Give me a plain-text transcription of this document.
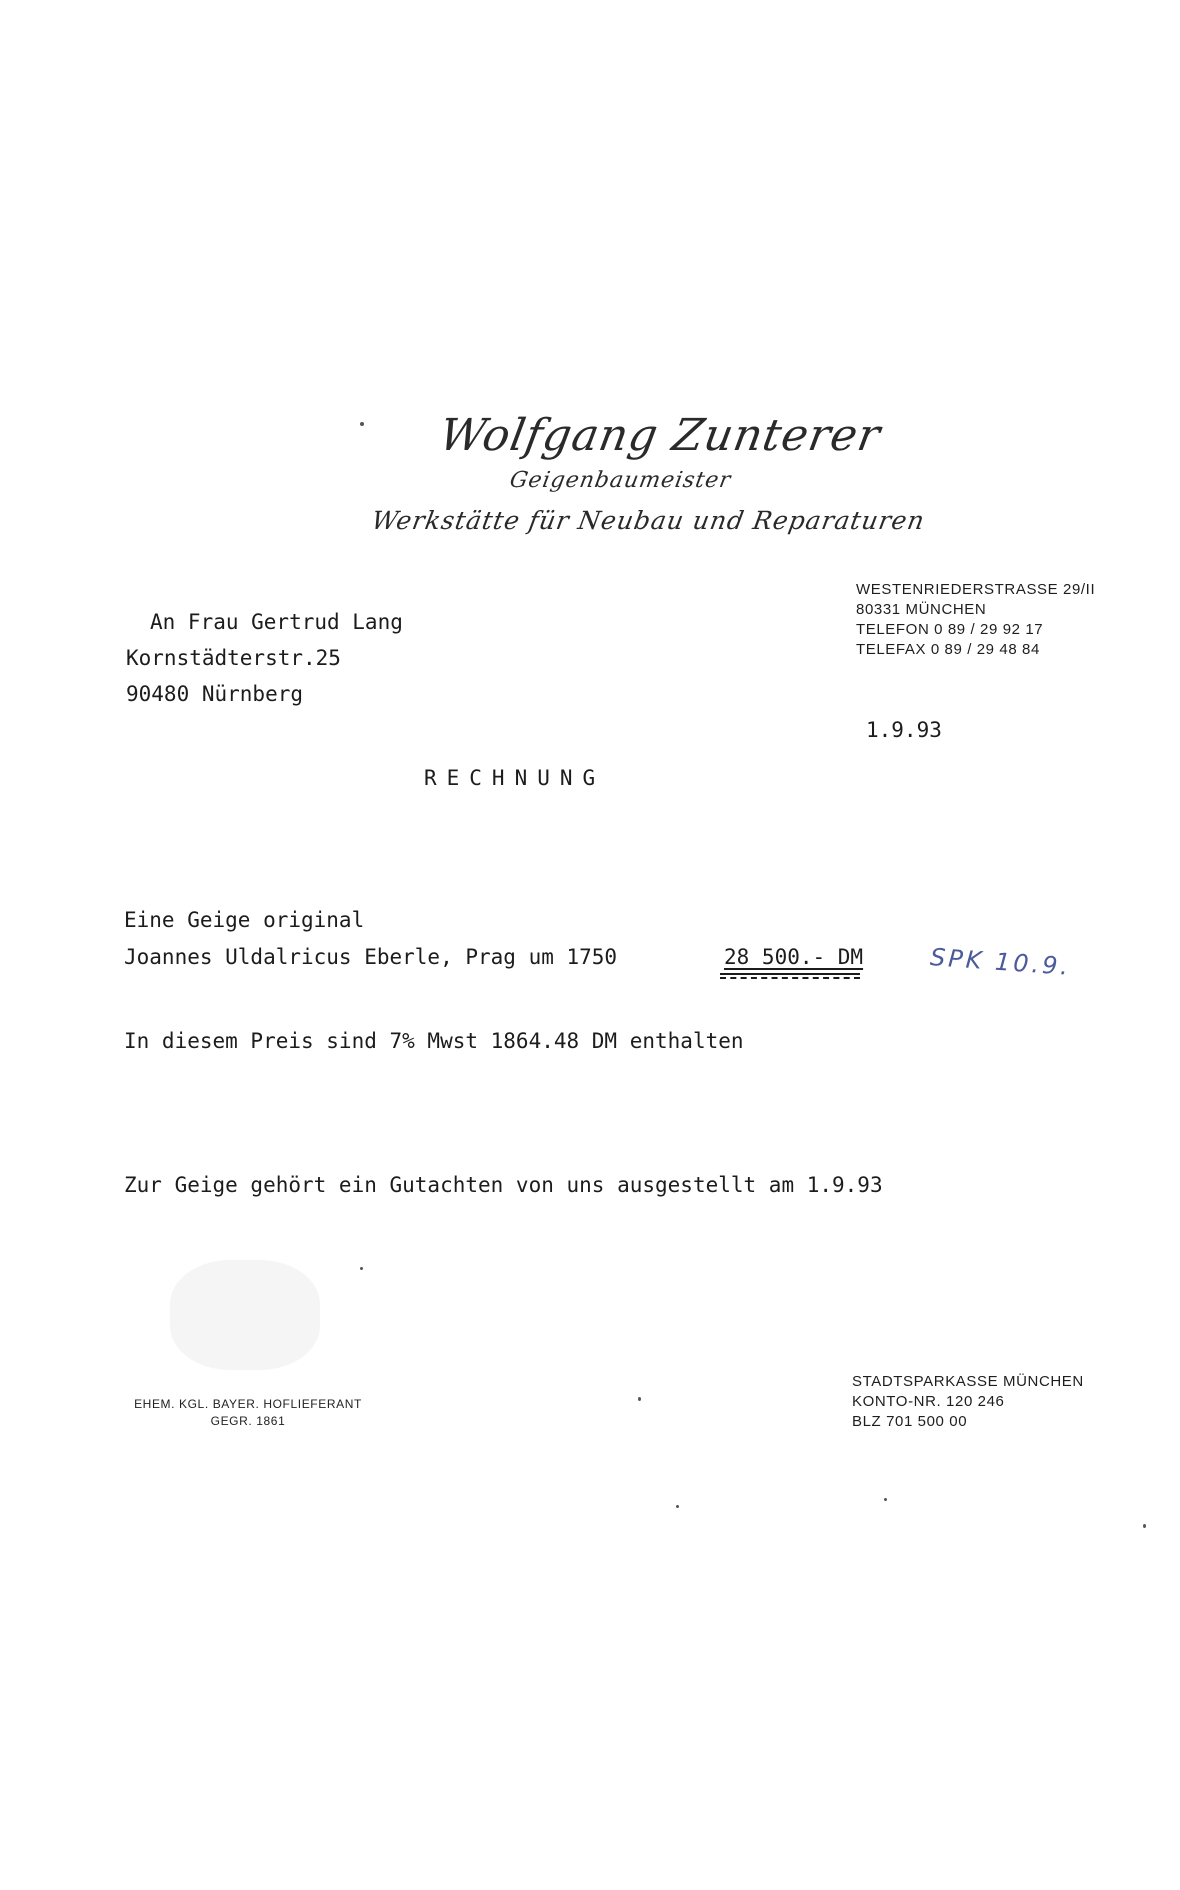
Wolfgang Zunterer
Geigenbaumeister
Werkstätte für Neubau und Reparaturen
WESTENRIEDERSTRASSE 29/II
80331 MÜNCHEN
TELEFON 0 89 / 29 92 17
TELEFAX 0 89 / 29 48 84
An Frau Gertrud Lang
Kornstädterstr.25
90480 Nürnberg
1.9.93
RECHNUNG
Eine Geige original
Joannes Uldalricus Eberle, Prag um 1750	28 500.- DM	SPK 10.9.
In diesem Preis sind 7% Mwst 1864.48 DM enthalten
Zur Geige gehört ein Gutachten von uns ausgestellt am 1.9.93
EHEM. KGL. BAYER. HOFLIEFERANT
GEGR. 1861
STADTSPARKASSE MÜNCHEN
KONTO-NR. 120 246
BLZ 701 500 00
